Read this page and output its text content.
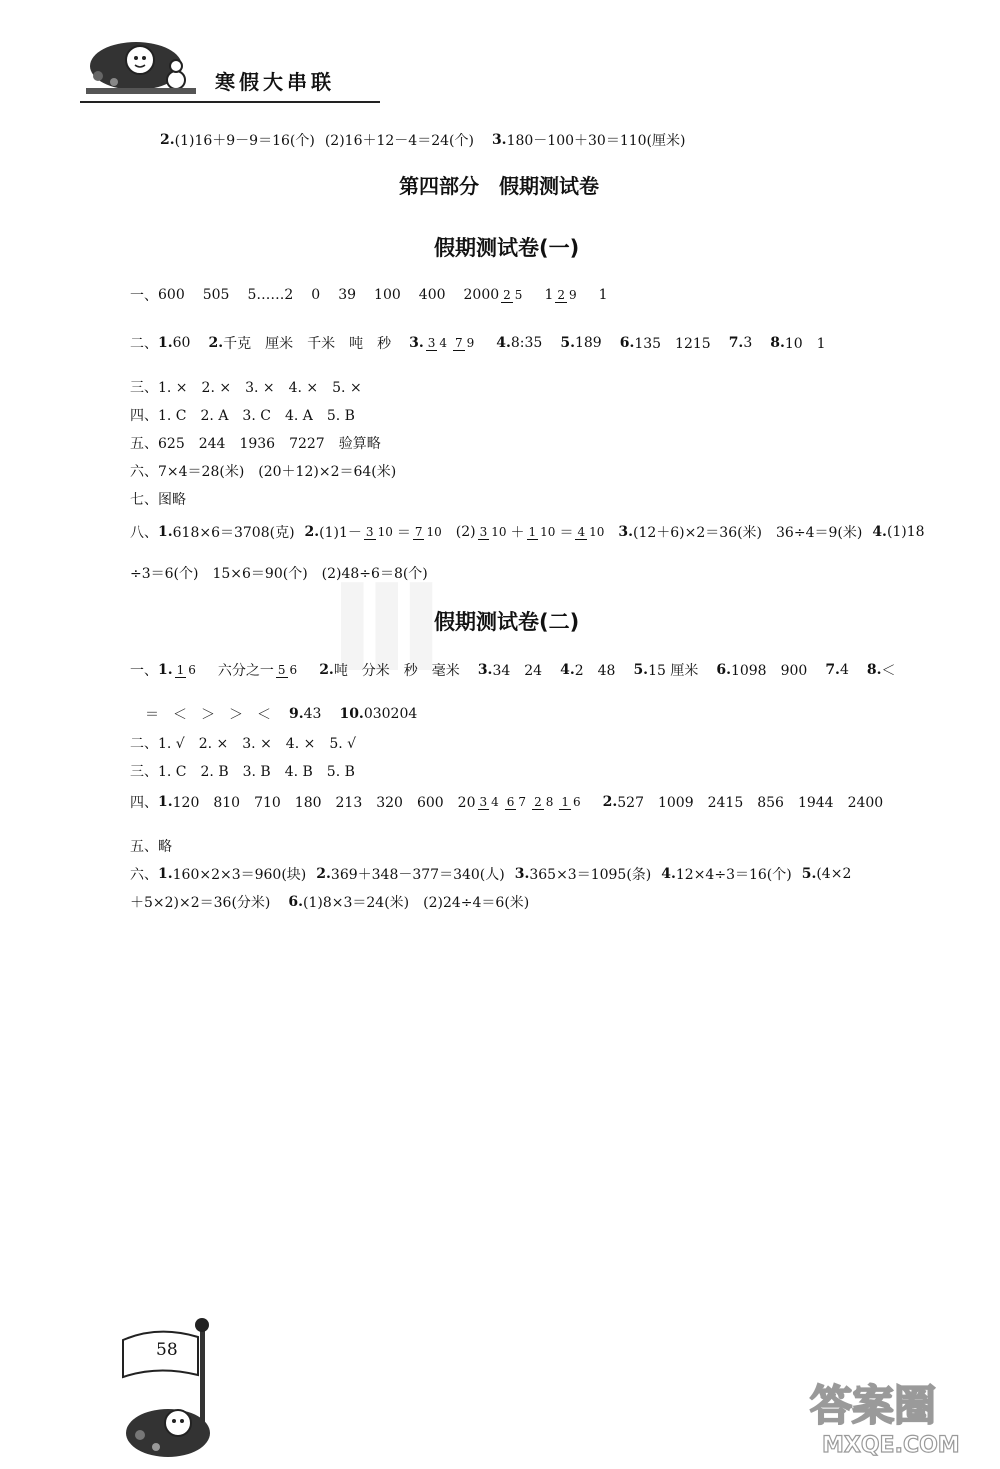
寒假大串联
2. (1)16＋9－9＝16(个) (2)16＋12－4＝24(个) 3. 180－100＋30＝110(厘米)
第四部分　假期测试卷
假期测试卷(一)
一、 600 505 5……2 0 39 100 400 2000 2 5 1 2 9 1
二、 1. 60 2. 千克　厘米　千米　吨　秒 3. 3 4 7 9 4. 8:35 5. 189 6. 135　1215 7. 3 8. 10　1
三、 1. ×　2. ×　3. ×　4. ×　5. ×
四、 1. C　2. A　3. C　4. A　5. B
五、 625　244　1936　7227　验算略
六、 7×4＝28(米)　(20＋12)×2＝64(米)
七、 图略
八、 1. 618×6＝3708(克) 2. (1)1－ 3 10 ＝ 7 10 (2) 3 10 ＋ 1 10 ＝ 4 10 3. (12＋6)×2＝36(米)　36÷4＝9(米) 4. (1)18
÷3＝6(个)　15×6＝90(个)　(2)48÷6＝8(个)
假期测试卷(二)
一、 1. 1 6 六分之一 5 6 2. 吨　分米　秒　毫米 3. 34　24 4. 2　48 5. 15 厘米 6. 1098　900 7. 4 8. ＜
＝　＜　＞　＞　＜ 9. 43 10. 030204
二、 1. √　2. ×　3. ×　4. ×　5. √
三、 1. C　2. B　3. B　4. B　5. B
四、 1. 120　810　710　180　213　320　600　20 3 4 6 7 2 8 1 6 2. 527　1009　2415　856　1944　2400
五、 略
六、 1. 160×2×3＝960(块) 2. 369＋348－377＝340(人) 3. 365×3＝1095(条) 4. 12×4÷3＝16(个) 5. (4×2
＋5×2)×2＝36(分米) 6. (1)8×3＝24(米)　(2)24÷4＝6(米)
58
答案圈
MXQE.COM
